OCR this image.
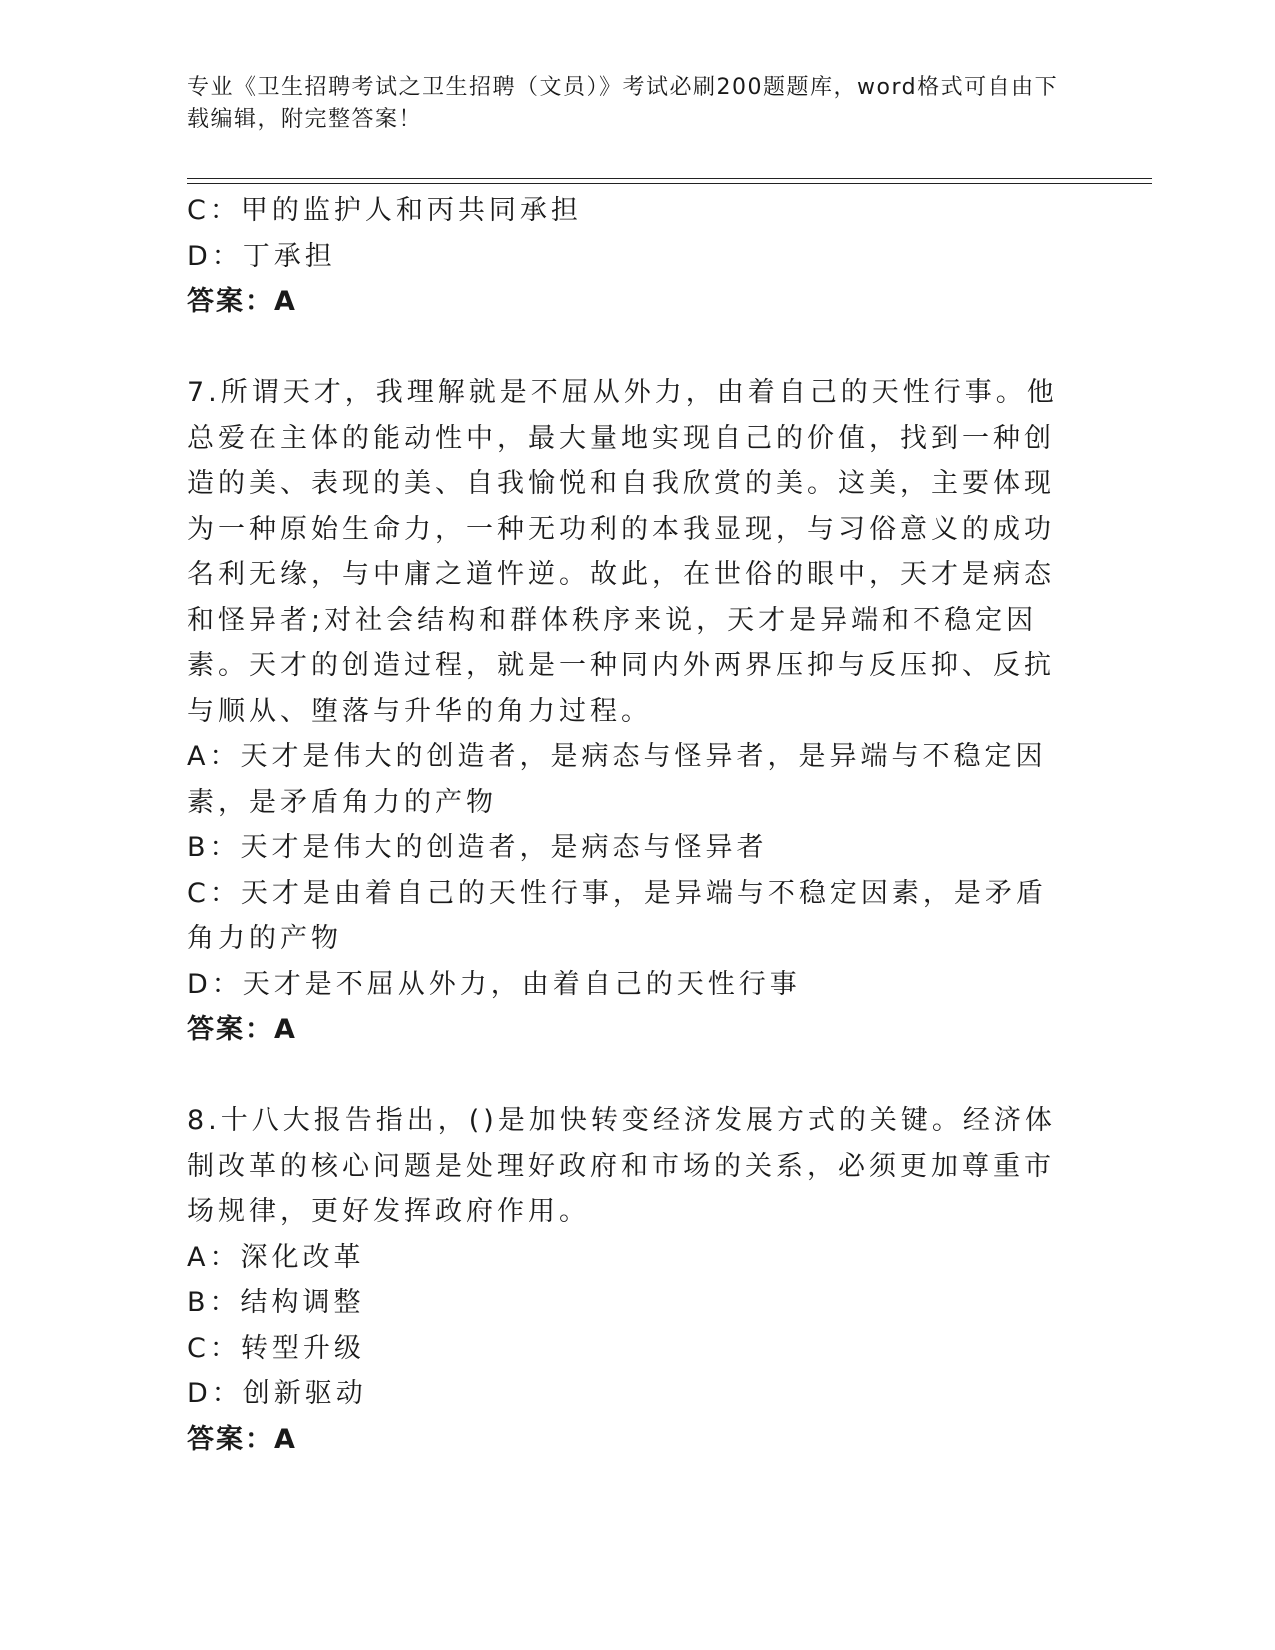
专业《卫生招聘考试之卫生招聘（文员）》考试必刷200题题库，word格式可自由下载编辑，附完整答案！

C：甲的监护人和丙共同承担

D：丁承担

答案：A

7.所谓天才，我理解就是不屈从外力，由着自己的天性行事。他总爱在主体的能动性中，最大量地实现自己的价值，找到一种创造的美、表现的美、自我愉悦和自我欣赏的美。这美，主要体现为一种原始生命力，一种无功利的本我显现，与习俗意义的成功名利无缘，与中庸之道忤逆。故此，在世俗的眼中，天才是病态和怪异者;对社会结构和群体秩序来说，天才是异端和不稳定因素。天才的创造过程，就是一种同内外两界压抑与反压抑、反抗与顺从、堕落与升华的角力过程。

A：天才是伟大的创造者，是病态与怪异者，是异端与不稳定因素，是矛盾角力的产物

B：天才是伟大的创造者，是病态与怪异者

C：天才是由着自己的天性行事，是异端与不稳定因素，是矛盾角力的产物

D：天才是不屈从外力，由着自己的天性行事

答案：A

8.十八大报告指出，()是加快转变经济发展方式的关键。经济体制改革的核心问题是处理好政府和市场的关系，必须更加尊重市场规律，更好发挥政府作用。

A：深化改革

B：结构调整

C：转型升级

D：创新驱动

答案：A
